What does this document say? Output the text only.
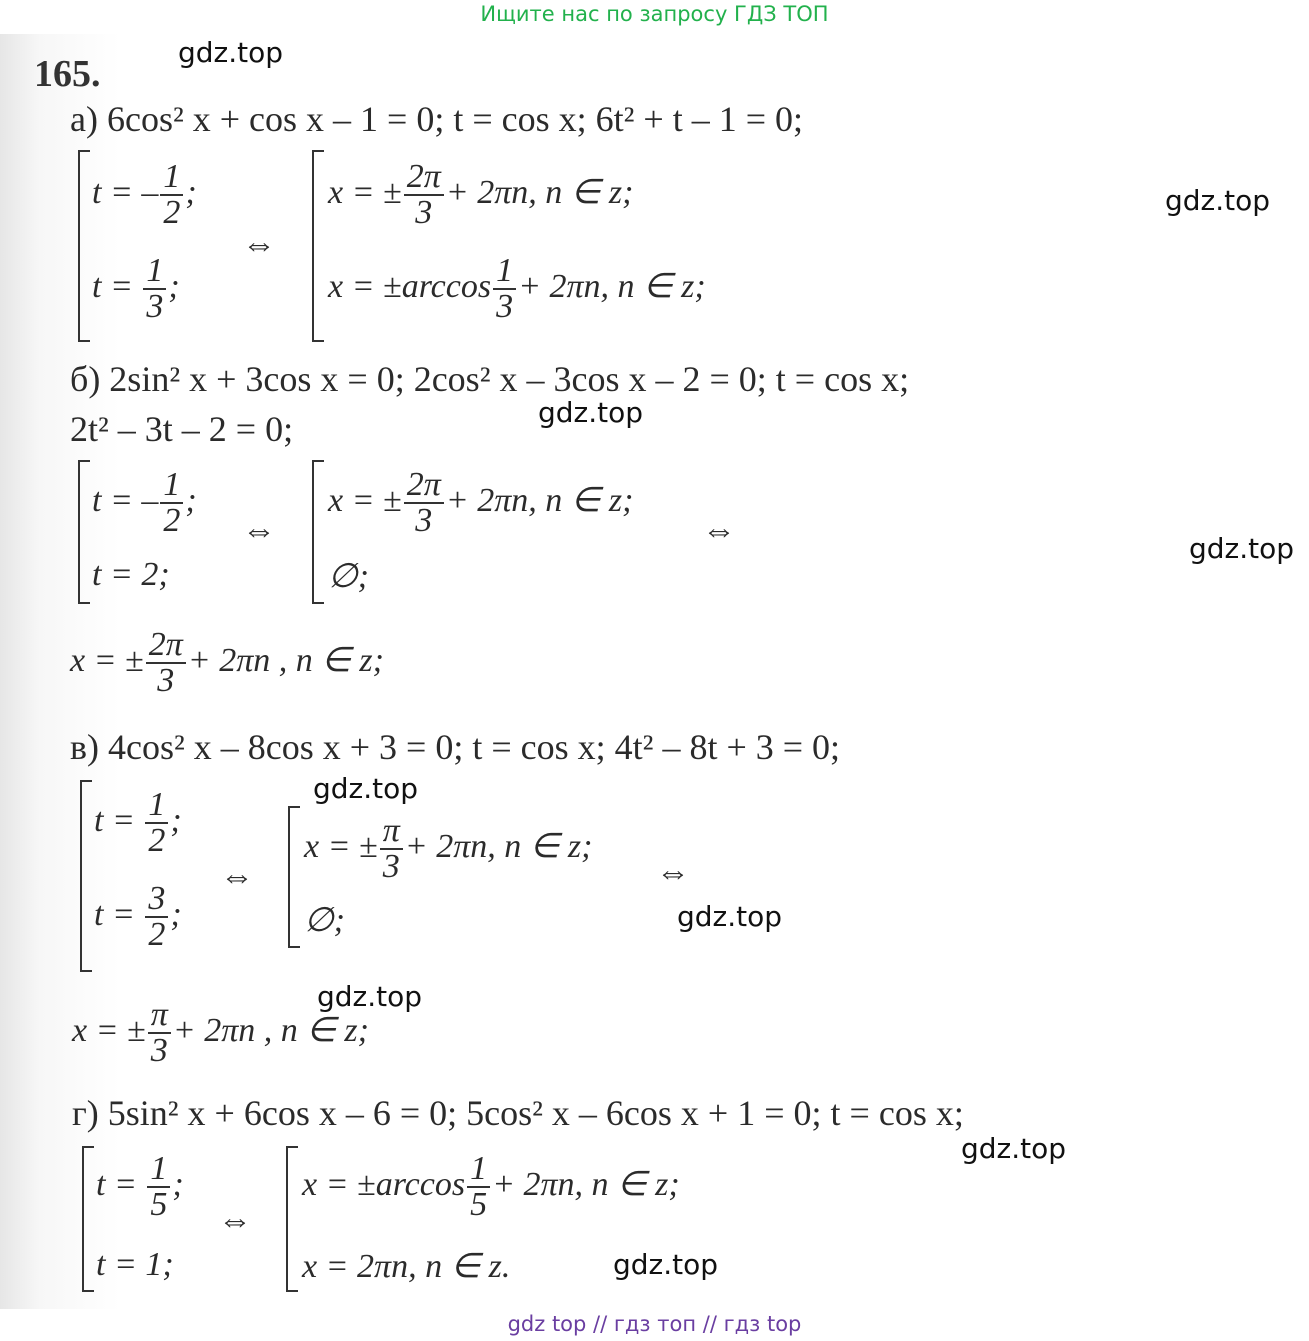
Ищите нас по запросу ГДЗ ТОП
165.
gdz.top
gdz.top
gdz.top
gdz.top
gdz.top
gdz.top
gdz.top
gdz.top
gdz.top
а) 6cos² x + cos x – 1 = 0; t = cos x; 6t² + t – 1 = 0;
t = – $\frac{1}{2}$ ;
$t = \frac{1}{3}$ ;
⇔
x = ± $\frac{2\pi}{3} + 2\pi n$, n ∈ z;
$x = \pm\arccos \frac{1}{3} + 2\pi n$, n ∈ z;
б) 2sin² x + 3cos x = 0; 2cos² x – 3cos x – 2 = 0; t = cos x;
2t² – 3t – 2 = 0;
t = – $\frac{1}{2}$ ;
t = 2;
⇔
x = ± $\frac{2\pi}{3} + 2\pi n$, n ∈ z;
∅;
⇔
x = ± $\frac{2\pi}{3} + 2\pi n$ , n ∈ z;
в) 4cos² x – 8cos x + 3 = 0; t = cos x; 4t² – 8t + 3 = 0;
$t = \frac{1}{2}$ ;
$t = \frac{3}{2}$ ;
⇔
x = ± $\frac{\pi}{3} + 2\pi n$, n ∈ z;
∅;
⇔
x = ± $\frac{\pi}{3} + 2\pi n$ , n ∈ z;
г) 5sin² x + 6cos x – 6 = 0; 5cos² x – 6cos x + 1 = 0; t = cos x;
$t = \frac{1}{5}$ ;
t = 1;
⇔
$x = \pm\arccos \frac{1}{5} + 2\pi n$, n ∈ z;
x = 2πn, n ∈ z.
gdz top // гдз топ // гдз top
